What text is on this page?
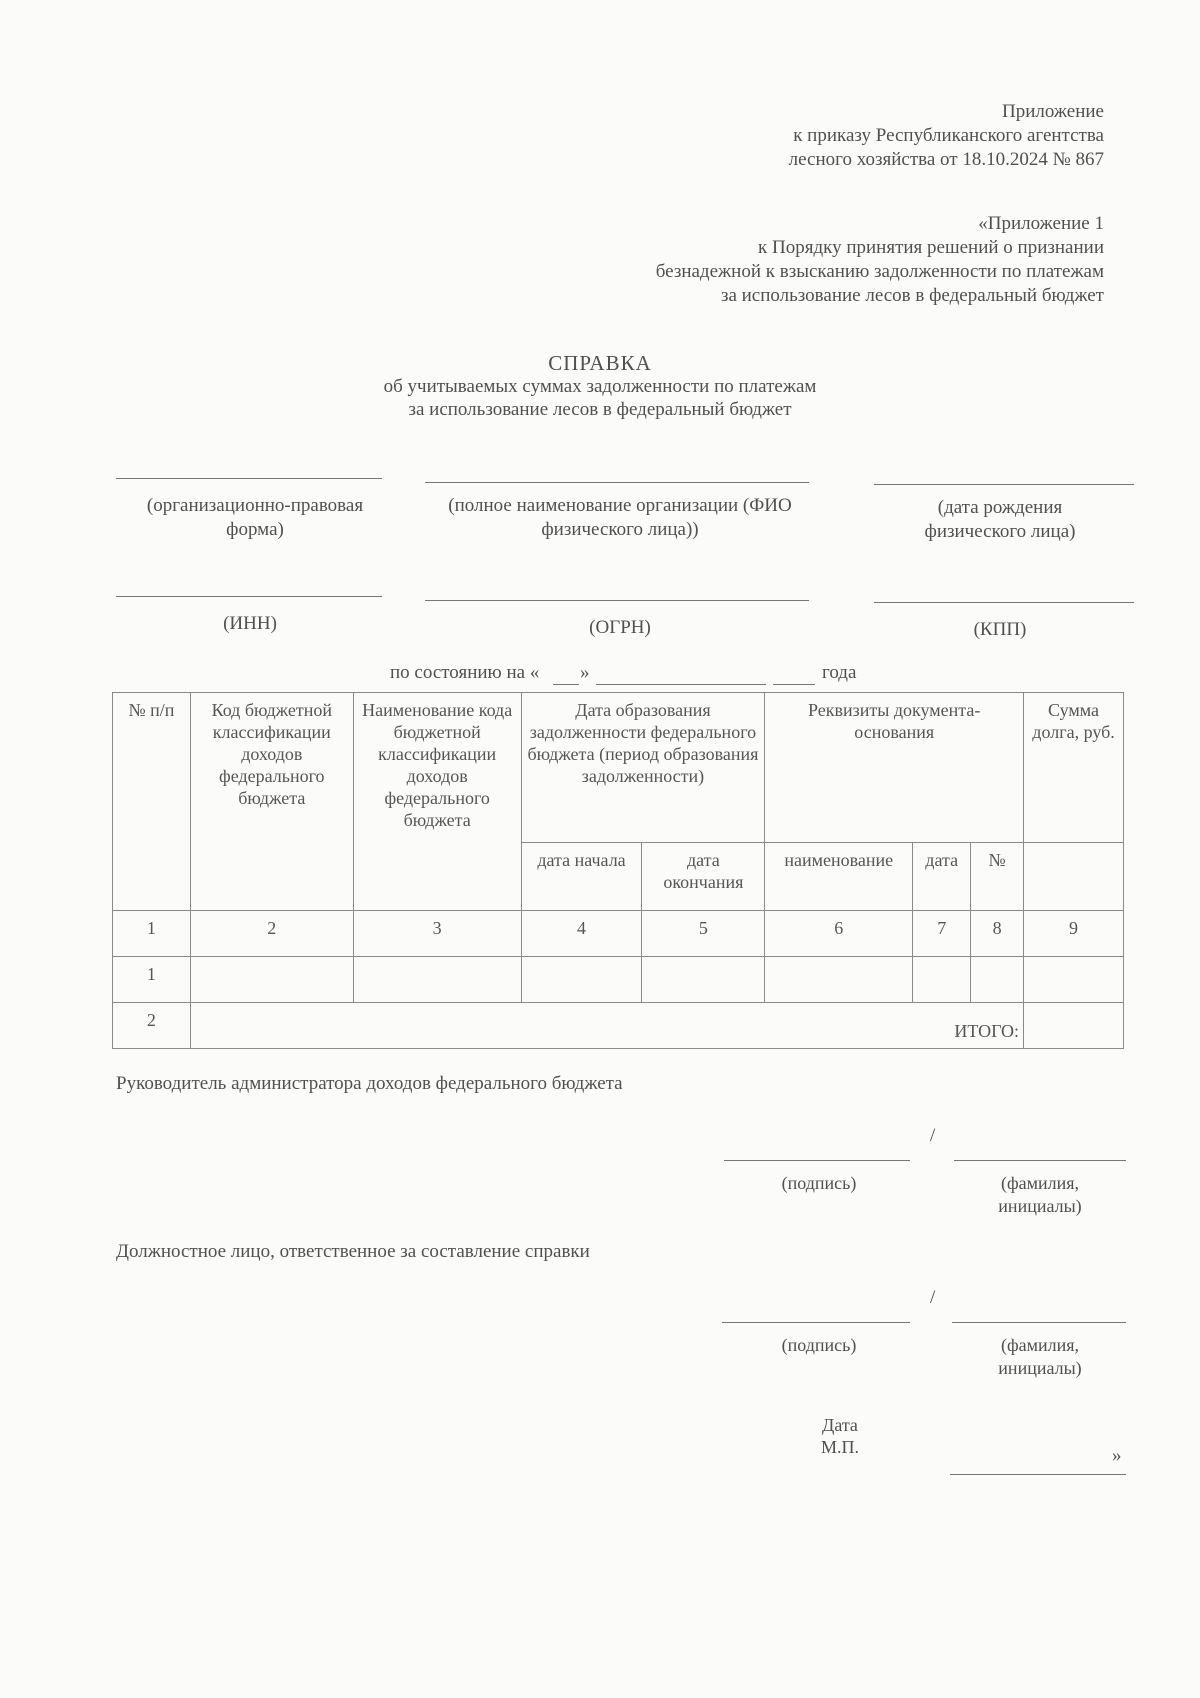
Приложение
к приказу Республиканского агентства
лесного хозяйства от 18.10.2024 № 867
«Приложение 1
к Порядку принятия решений о признании
безнадежной к взысканию задолженности по платежам
за использование лесов в федеральный бюджет
СПРАВКА
об учитываемых суммах задолженности по платежам
за использование лесов в федеральный бюджет
(организационно-правовая форма)
(полное наименование организации (ФИО физического лица))
(дата рождения физического лица)
(ИНН)	(ОГРН)	(КПП)
по состоянию на « »	года
№ п/п	Код бюджетной классификации доходов федерального бюджета	Наименование кода бюджетной классификации доходов федерального бюджета	Дата образования задолженности федерального бюджета (период образования задолженности)		Реквизиты документа-основания			Сумма долга, руб.
			дата начала	дата окончания	наименование	дата	№	
1	2	3	4	5	6	7	8	9
1								
2	ИТОГО:							
Руководитель администратора доходов федерального бюджета
/
(подпись)	(фамилия, инициалы)
Должностное лицо, ответственное за составление справки
/
(подпись)	(фамилия, инициалы)
Дата
М.П.	»
